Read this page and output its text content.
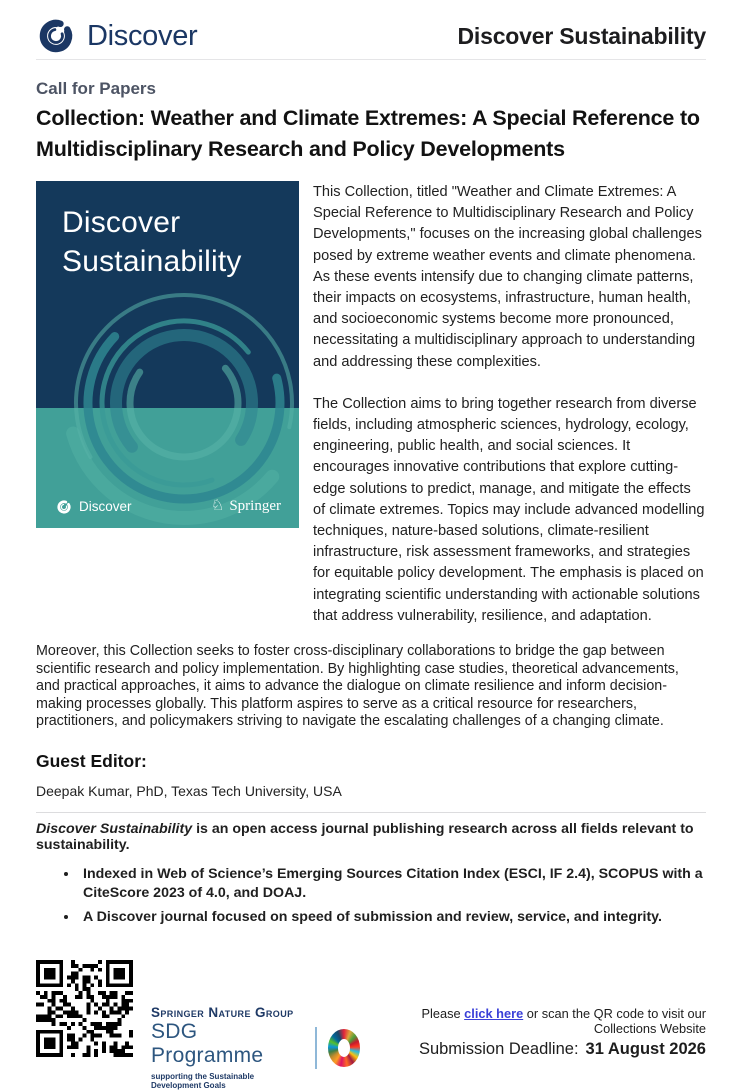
Discover	Discover Sustainability
Call for Papers
Collection: Weather and Climate Extremes: A Special Reference to Multidisciplinary Research and Policy Developments
Discover
Sustainability
Discover	♘ Springer

This Collection, titled "Weather and Climate Extremes: A Special Reference to Multidisciplinary Research and Policy Developments," focuses on the increasing global challenges posed by extreme weather events and climate phenomena. As these events intensify due to changing climate patterns, their impacts on ecosystems, infrastructure, human health, and socioeconomic systems become more pronounced, necessitating a multidisciplinary approach to understanding and addressing these complexities.

The Collection aims to bring together research from diverse fields, including atmospheric sciences, hydrology, ecology, engineering, public health, and social sciences. It encourages innovative contributions that explore cutting-edge solutions to predict, manage, and mitigate the effects of climate extremes. Topics may include advanced modelling techniques, nature-based solutions, climate-resilient infrastructure, risk assessment frameworks, and strategies for equitable policy development. The emphasis is placed on integrating scientific understanding with actionable solutions that address vulnerability, resilience, and adaptation.

Moreover, this Collection seeks to foster cross-disciplinary collaborations to bridge the gap between scientific research and policy implementation. By highlighting case studies, theoretical advancements, and practical approaches, it aims to advance the dialogue on climate resilience and inform decision-making processes globally. This platform aspires to serve as a critical resource for researchers, practitioners, and policymakers striving to navigate the escalating challenges of a changing climate.

Guest Editor:

Deepak Kumar, PhD, Texas Tech University, USA

Discover Sustainability is an open access journal publishing research across all fields relevant to sustainability.

• Indexed in Web of Science’s Emerging Sources Citation Index (ESCI, IF 2.4), SCOPUS with a CiteScore 2023 of 4.0, and DOAJ.
• A Discover journal focused on speed of submission and review, service, and integrity.
Springer Nature Group
SDG Programme
supporting the Sustainable Development Goals
Please click here or scan the QR code to visit our Collections Website
Submission Deadline: 31 August 2026
